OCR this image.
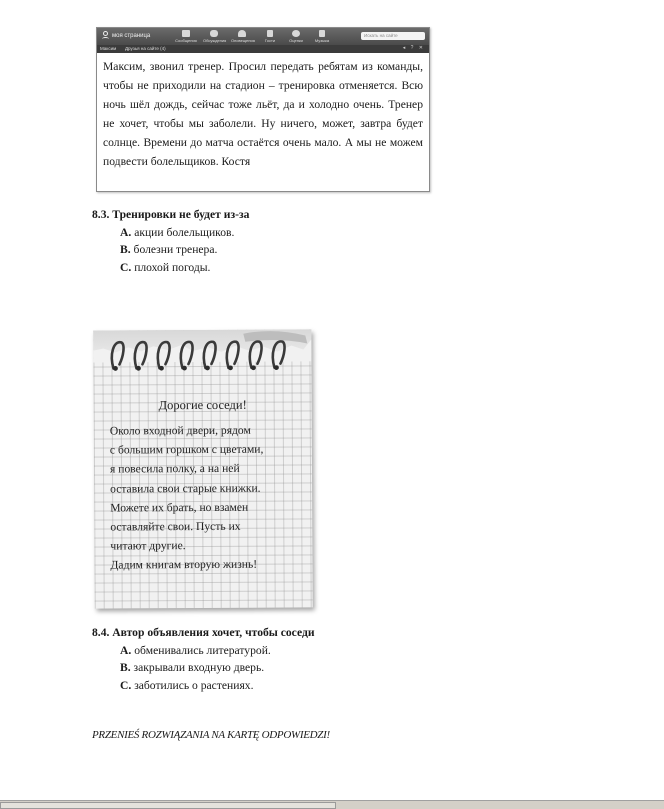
моя страница
Сообщения Обсуждения Оповещения	Гости	Оценки	Музыка
Искать на сайте
Максим Друзья на сайте (4)	◂ ? ✕

Максим, звонил тренер. Просил передать ребятам из команды, чтобы не приходили на стадион – тренировка отменяется. Всю ночь шёл дождь, сейчас тоже льёт, да и холодно очень. Тренер не хочет, чтобы мы заболели. Ну ничего, может, завтра будет солнце. Времени до матча остаётся очень мало. А мы не можем подвести болельщиков. Костя

8.3. Тренировки не будет из-за
A. акции болельщиков.
B. болезни тренера.
C. плохой погоды.
Дорогие соседи!
Около входной двери, рядом
с большим горшком с цветами,
я повесила полку, а на ней
оставила свои старые книжки.
Можете их брать, но взамен
оставляйте свои. Пусть их
читают другие.
Дадим книгам вторую жизнь!
8.4. Автор объявления хочет, чтобы соседи
A. обменивались литературой.
B. закрывали входную дверь.
C. заботились о растениях.
PRZENIEŚ ROZWIĄZANIA NA KARTĘ ODPOWIEDZI!
